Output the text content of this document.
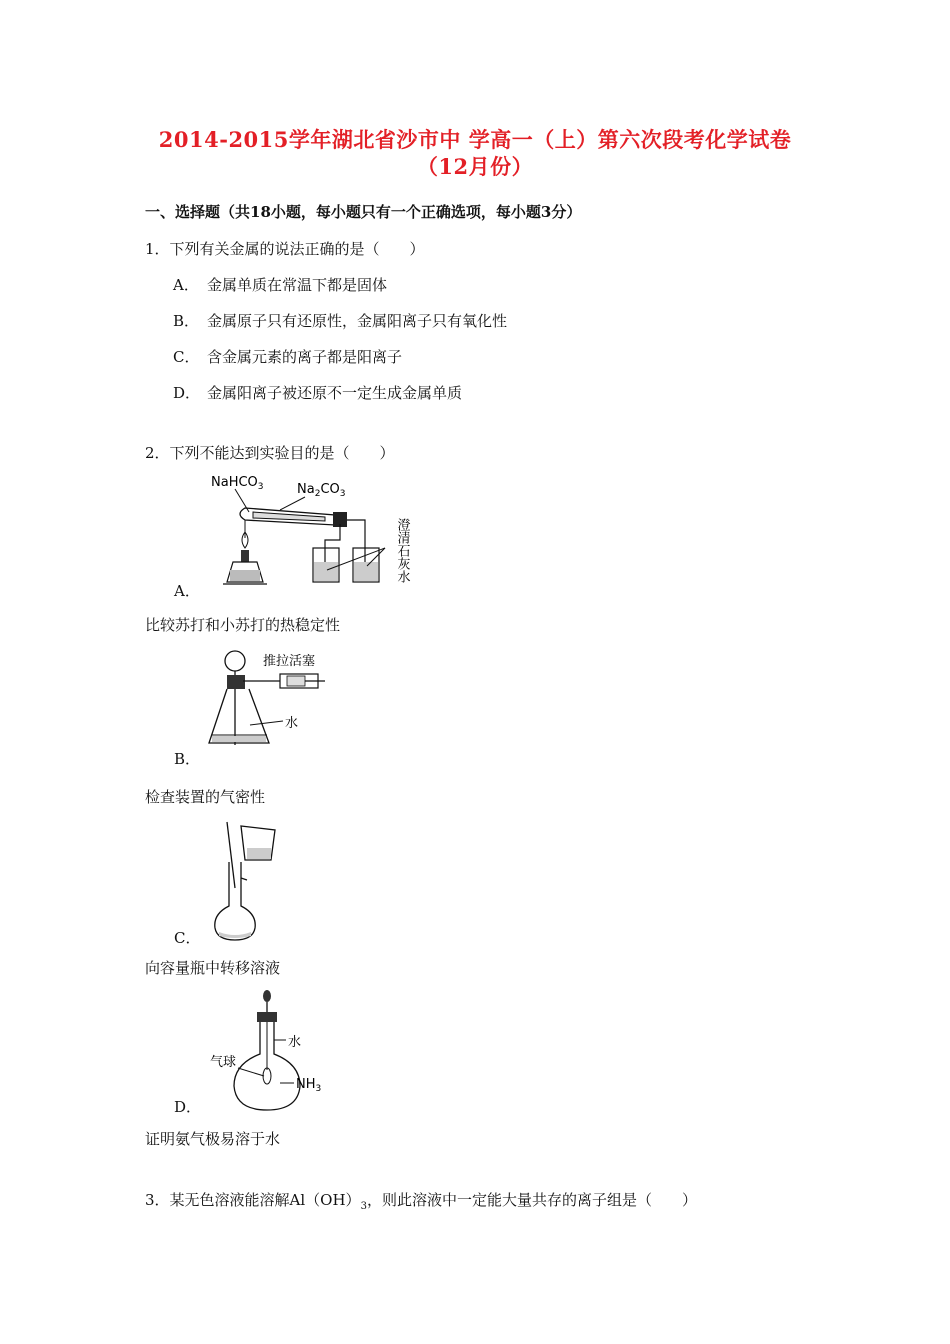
2014-2015学年湖北省沙市中 学高一（上）第六次段考化学试卷
（12月份）
一、选择题（共18小题，每小题只有一个正确选项，每小题3分）
1．下列有关金属的说法正确的是（　　）
A． 金属单质在常温下都是固体
B． 金属原子只有还原性，金属阳离子只有氧化性
C． 含金属元素的离子都是阳离子
D． 金属阳离子被还原不一定生成金属单质
2．下列不能达到实验目的是（　　）
NaHCO$_3$	$Na_2CO_3$
澄清石灰水
A．
比较苏打和小苏打的热稳定性
推拉活塞
水
B．
检查装置的气密性
C．
向容量瓶中转移溶液
水
气球
$NH_3$
D．
证明氨气极易溶于水
3．某无色溶液能溶解$Al(OH)_3$，则此溶液中一定能大量共存的离子组是（　　）
